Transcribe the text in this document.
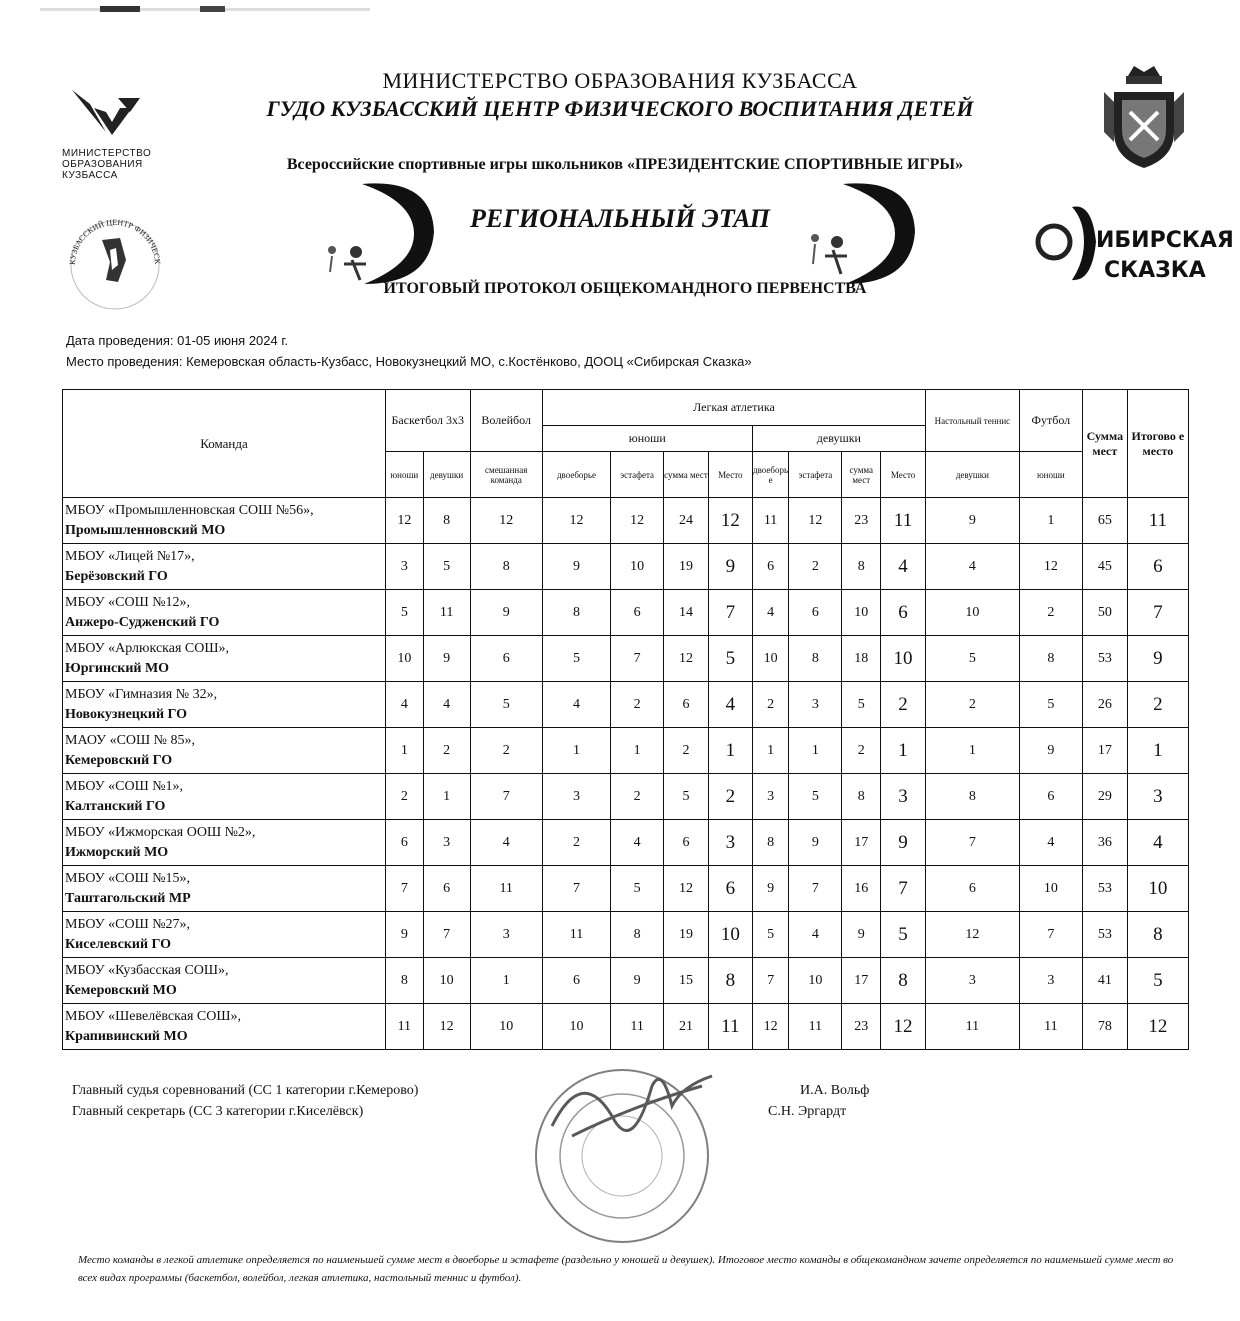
МИНИСТЕРСТВО
ОБРАЗОВАНИЯ
КУЗБАССА
КУЗБАССКИЙ ЦЕНТР ФИЗИЧЕСК
ИБИРСКАЯ
СКАЗКА
МИНИСТЕРСТВО ОБРАЗОВАНИЯ КУЗБАССА
ГУДО КУЗБАССКИЙ ЦЕНТР ФИЗИЧЕСКОГО ВОСПИТАНИЯ ДЕТЕЙ
Всероссийские спортивные игры школьников «ПРЕЗИДЕНТСКИЕ СПОРТИВНЫЕ ИГРЫ»
РЕГИОНАЛЬНЫЙ ЭТАП
ИТОГОВЫЙ ПРОТОКОЛ ОБЩЕКОМАНДНОГО ПЕРВЕНСТВА
Дата проведения: 01-05 июня 2024 г.
Место проведения: Кемеровская область-Кузбасс, Новокузнецкий МО, с.Костёнково, ДООЦ «Сибирская Сказка»
Команда	Баскетбол 3х3		Волейбол	Легкая атлетика								Настольный теннис	Футбол	Сумма мест	Итогово е место
				юноши				девушки							
	юноши	девушки	смешанная команда	двоеборье	эстафета	сумма мест	Место	двоеборь е	эстафета	сумма мест	Место	девушки	юноши		

МБОУ «Промышленновская СОШ №56»,
Промышленновский МО	12	8	12	12	12	24	12	11	12	23	11	9	1	65	11

МБОУ «Лицей №17»,
Берёзовский ГО	3	5	8	9	10	19	9	6	2	8	4	4	12	45	6

МБОУ «СОШ №12»,
Анжеро-Судженский ГО	5	11	9	8	6	14	7	4	6	10	6	10	2	50	7

МБОУ «Арлюкская СОШ»,
Юргинский МО	10	9	6	5	7	12	5	10	8	18	10	5	8	53	9

МБОУ «Гимназия № 32»,
Новокузнецкий ГО	4	4	5	4	2	6	4	2	3	5	2	2	5	26	2

МАОУ «СОШ № 85»,
Кемеровский ГО	1	2	2	1	1	2	1	1	1	2	1	1	9	17	1

МБОУ «СОШ №1»,
Калтанский ГО	2	1	7	3	2	5	2	3	5	8	3	8	6	29	3

МБОУ «Ижморская ООШ №2»,
Ижморский МО	6	3	4	2	4	6	3	8	9	17	9	7	4	36	4

МБОУ «СОШ №15»,
Таштагольский МР	7	6	11	7	5	12	6	9	7	16	7	6	10	53	10

МБОУ «СОШ №27»,
Киселевский ГО	9	7	3	11	8	19	10	5	4	9	5	12	7	53	8

МБОУ «Кузбасская СОШ»,
Кемеровский МО	8	10	1	6	9	15	8	7	10	17	8	3	3	41	5

МБОУ «Шевелёвская СОШ»,
Крапивинский МО	11	12	10	10	11	21	11	12	11	23	12	11	11	78	12
Главный судья соревнований (СС 1 категории г.Кемерово)
Главный секретарь (СС 3 категории г.Киселёвск)
И.А. Вольф
С.Н. Эргардт
Место команды в легкой атлетике определяется по наименьшей сумме мест в двоеборье и эстафете (раздельно у юношей и девушек). Итоговое место команды в общекомандном зачете определяется по наименьшей сумме мест во всех видах программы (баскетбол, волейбол, легкая атлетика, настольный теннис и футбол).
